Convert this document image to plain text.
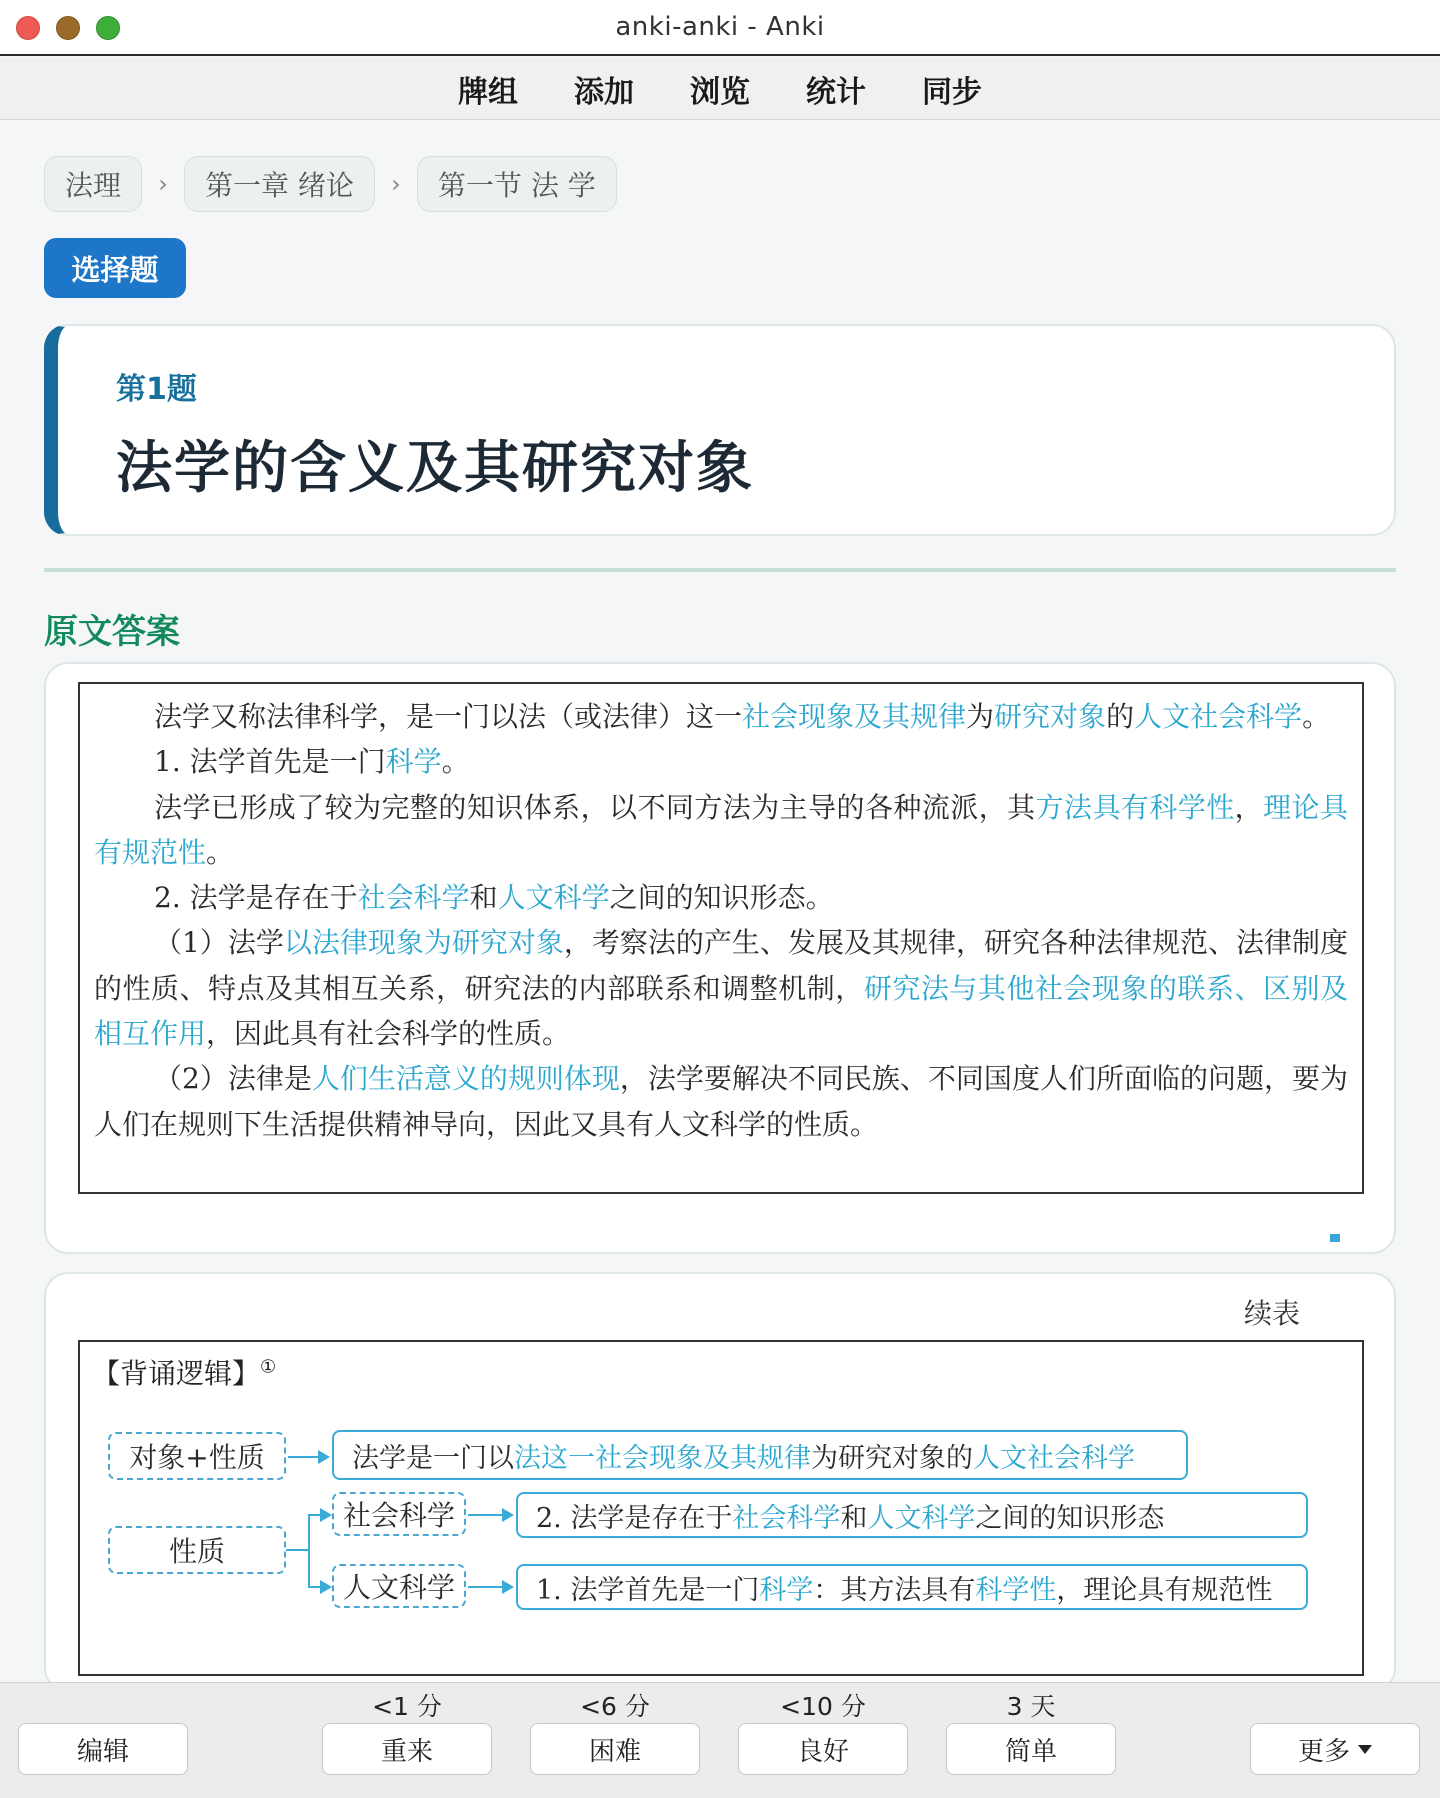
anki-anki - Anki
牌组 添加 浏览 统计 同步
法理	›	第一章 绪论	›	第一节 法 学
选择题
第1题
法学的含义及其研究对象
原文答案

法学又称法律科学，是一门以法（或法律）这一社会现象及其规律为研究对象的人文社会科学。

1. 法学首先是一门科学。

法学已形成了较为完整的知识体系，以不同方法为主导的各种流派，其方法具有科学性，理论具有规范性。

2. 法学是存在于社会科学和人文科学之间的知识形态。

（1）法学以法律现象为研究对象，考察法的产生、发展及其规律，研究各种法律规范、法律制度的性质、特点及其相互关系，研究法的内部联系和调整机制，研究法与其他社会现象的联系、区别及相互作用，因此具有社会科学的性质。

（2）法律是人们生活意义的规则体现，法学要解决不同民族、不同国度人们所面临的问题，要为人们在规则下生活提供精神导向，因此又具有人文科学的性质。

续表
【背诵逻辑】①
对象+性质	法学是一门以 法这一社会现象及其规律 为研究对象的 人文社会科学
性质
社会科学
人文科学
2. 法学是存在于 社会科学 和 人文科学 之间的知识形态
1. 法学首先是一门 科学 ：其方法具有 科学性 ，理论具有规范性
编辑
<1 分
重来
<6 分
困难
<10 分
良好
3 天
简单	更多
